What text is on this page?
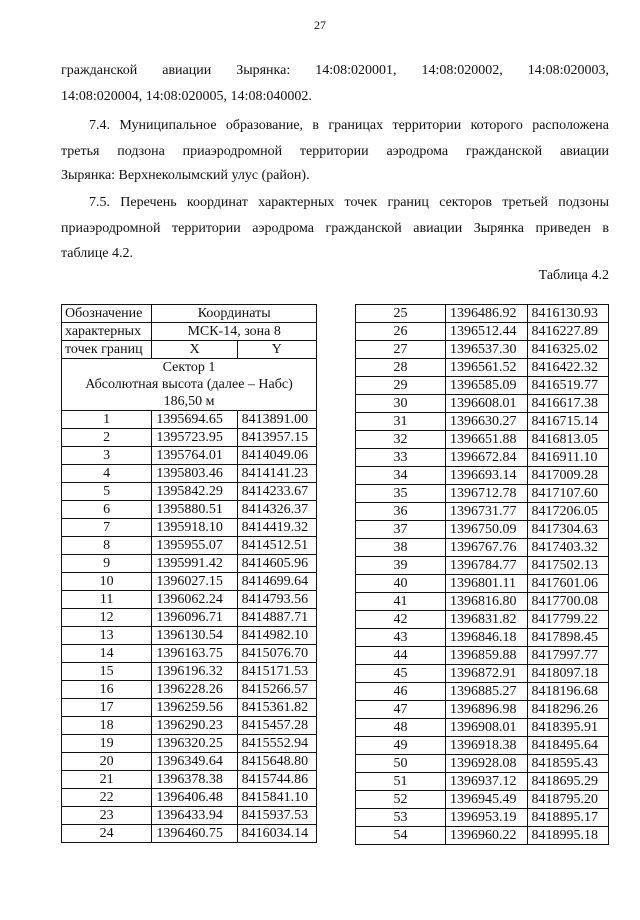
27
гражданской авиации Зырянка: 14:08:020001, 14:08:020002, 14:08:020003,
14:08:020004, 14:08:020005, 14:08:040002.
7.4. Муниципальное образование, в границах территории которого расположена
третья подзона приаэродромной территории аэродрома гражданской авиации
Зырянка: Верхнеколымский улус (район).
7.5. Перечень координат характерных точек границ секторов третьей подзоны
приаэродромной территории аэродрома гражданской авиации Зырянка приведен в
таблице 4.2.
Таблица 4.2
Обозначение	Координаты	
характерных	МСК-14, зона 8	
точек границ	X	Y

Сектор 1
Абсолютная высота (далее – Набс)
186,50 м		

1	1395694.65	8413891.00
2	1395723.95	8413957.15
3	1395764.01	8414049.06
4	1395803.46	8414141.23
5	1395842.29	8414233.67
6	1395880.51	8414326.37
7	1395918.10	8414419.32
8	1395955.07	8414512.51
9	1395991.42	8414605.96
10	1396027.15	8414699.64
11	1396062.24	8414793.56
12	1396096.71	8414887.71
13	1396130.54	8414982.10
14	1396163.75	8415076.70
15	1396196.32	8415171.53
16	1396228.26	8415266.57
17	1396259.56	8415361.82
18	1396290.23	8415457.28
19	1396320.25	8415552.94
20	1396349.64	8415648.80
21	1396378.38	8415744.86
22	1396406.48	8415841.10
23	1396433.94	8415937.53
24	1396460.75	8416034.14
25	1396486.92	8416130.93
26	1396512.44	8416227.89
27	1396537.30	8416325.02
28	1396561.52	8416422.32
29	1396585.09	8416519.77
30	1396608.01	8416617.38
31	1396630.27	8416715.14
32	1396651.88	8416813.05
33	1396672.84	8416911.10
34	1396693.14	8417009.28
35	1396712.78	8417107.60
36	1396731.77	8417206.05
37	1396750.09	8417304.63
38	1396767.76	8417403.32
39	1396784.77	8417502.13
40	1396801.11	8417601.06
41	1396816.80	8417700.08
42	1396831.82	8417799.22
43	1396846.18	8417898.45
44	1396859.88	8417997.77
45	1396872.91	8418097.18
46	1396885.27	8418196.68
47	1396896.98	8418296.26
48	1396908.01	8418395.91
49	1396918.38	8418495.64
50	1396928.08	8418595.43
51	1396937.12	8418695.29
52	1396945.49	8418795.20
53	1396953.19	8418895.17
54	1396960.22	8418995.18
